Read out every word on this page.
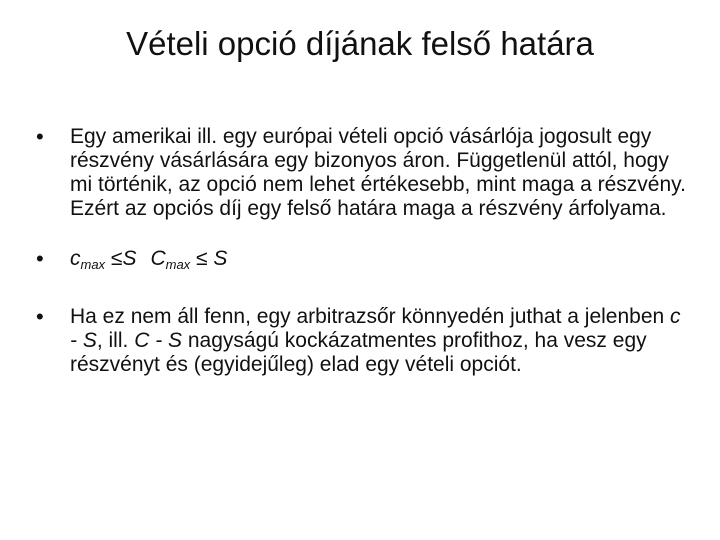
Vételi opció díjának felső határa
•	Egy amerikai ill. egy európai vételi opció vásárlója jogosult egy részvény vásárlására egy bizonyos áron. Függetlenül attól, hogy mi történik, az opció nem lehet értékesebb, mint maga a részvény. Ezért az opciós díj egy felső határa maga a részvény árfolyama.
•	$c_{max} \le S$ $C_{max} \le S$
•	Ha ez nem áll fenn, egy arbitrazsőr könnyedén juthat a jelenben c - S, ill. C - S nagyságú kockázatmentes profithoz, ha vesz egy részvényt és (egyidejűleg) elad egy vételi opciót.
